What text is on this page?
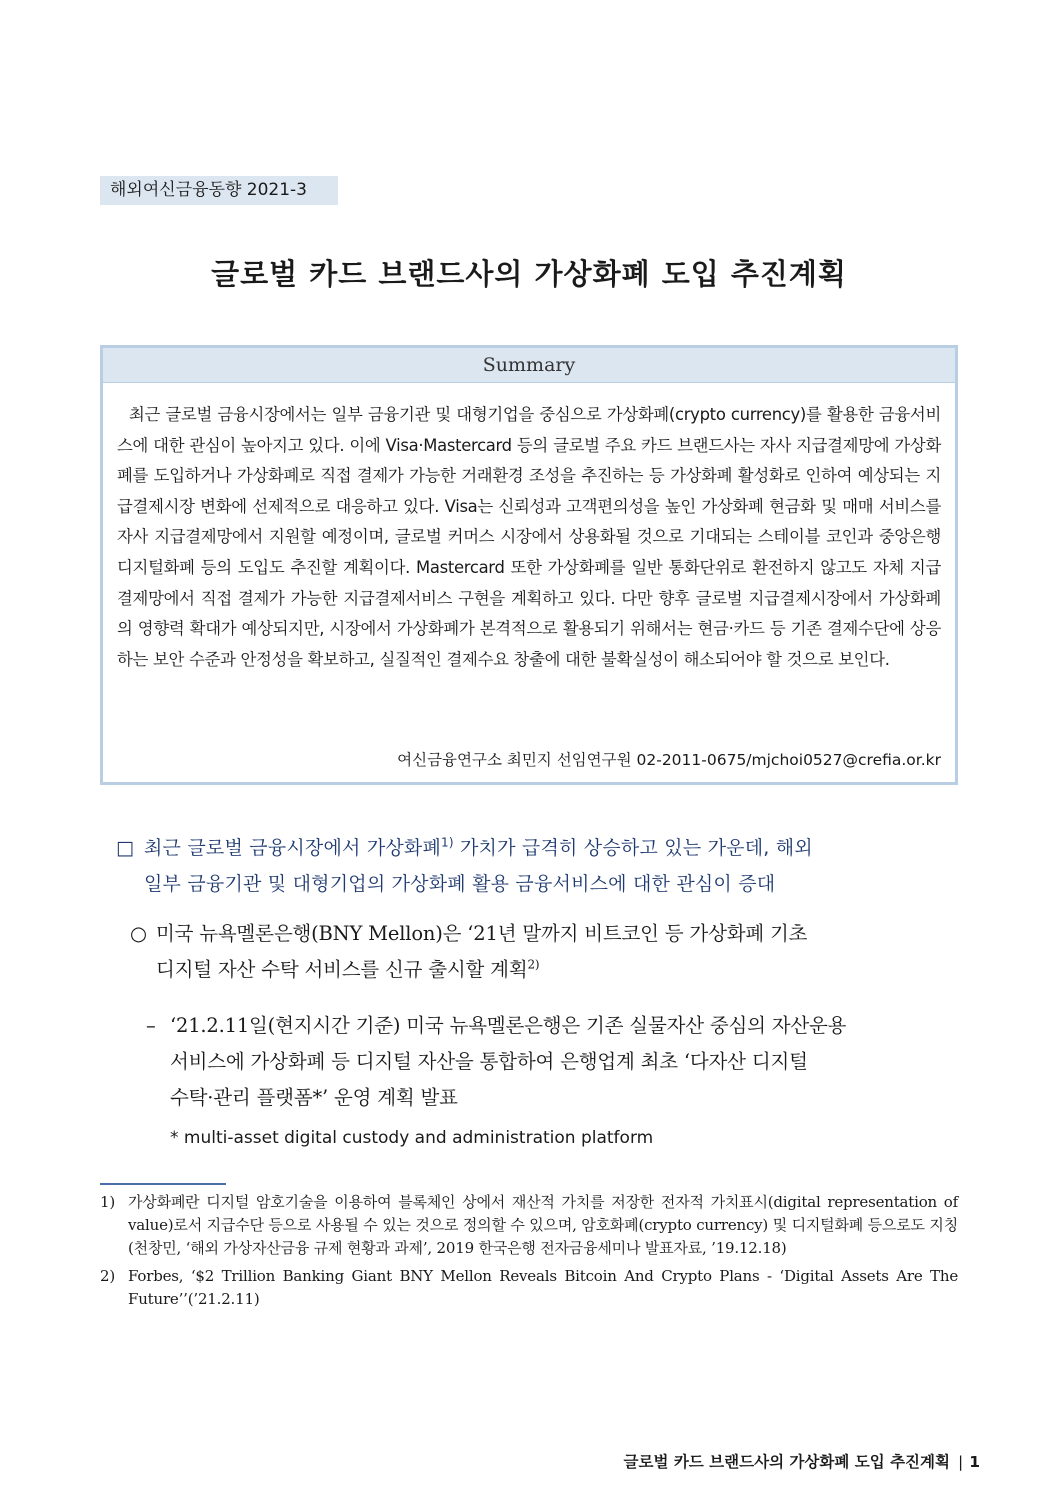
해외여신금융동향 2021-3
글로벌 카드 브랜드사의 가상화폐 도입 추진계획
Summary
최근 글로벌 금융시장에서는 일부 금융기관 및 대형기업을 중심으로 가상화폐(crypto currency)를 활용한 금융서비스에 대한 관심이 높아지고 있다. 이에 Visa·Mastercard 등의 글로벌 주요 카드 브랜드사는 자사 지급결제망에 가상화폐를 도입하거나 가상화폐로 직접 결제가 가능한 거래환경 조성을 추진하는 등 가상화폐 활성화로 인하여 예상되는 지급결제시장 변화에 선제적으로 대응하고 있다. Visa는 신뢰성과 고객편의성을 높인 가상화폐 현금화 및 매매 서비스를 자사 지급결제망에서 지원할 예정이며, 글로벌 커머스 시장에서 상용화될 것으로 기대되는 스테이블 코인과 중앙은행 디지털화폐 등의 도입도 추진할 계획이다. Mastercard 또한 가상화폐를 일반 통화단위로 환전하지 않고도 자체 지급결제망에서 직접 결제가 가능한 지급결제서비스 구현을 계획하고 있다. 다만 향후 글로벌 지급결제시장에서 가상화폐의 영향력 확대가 예상되지만, 시장에서 가상화폐가 본격적으로 활용되기 위해서는 현금·카드 등 기존 결제수단에 상응하는 보안 수준과 안정성을 확보하고, 실질적인 결제수요 창출에 대한 불확실성이 해소되어야 할 것으로 보인다.
여신금융연구소 최민지 선임연구원 02-2011-0675/mjchoi0527@crefia.or.kr
□ 최근 글로벌 금융시장에서 가상화폐$^{1)}$ 가치가 급격히 상승하고 있는 가운데, 해외
일부 금융기관 및 대형기업의 가상화폐 활용 금융서비스에 대한 관심이 증대
○ 미국 뉴욕멜론은행(BNY Mellon)은 ‘21년 말까지 비트코인 등 가상화폐 기초
디지털 자산 수탁 서비스를 신규 출시할 계획$^{2)}$
– ‘21.2.11일(현지시간 기준) 미국 뉴욕멜론은행은 기존 실물자산 중심의 자산운용
서비스에 가상화폐 등 디지털 자산을 통합하여 은행업계 최초 ‘다자산 디지털
수탁·관리 플랫폼*’ 운영 계획 발표
* multi-asset digital custody and administration platform
1) 가상화폐란 디지털 암호기술을 이용하여 블록체인 상에서 재산적 가치를 저장한 전자적 가치표시(digital representation of value)로서 지급수단 등으로 사용될 수 있는 것으로 정의할 수 있으며, 암호화폐(crypto currency) 및 디지털화폐 등으로도 지칭(천창민, ‘해외 가상자산금융 규제 현황과 과제’, 2019 한국은행 전자금융세미나 발표자료, ’19.12.18)
2) Forbes, ‘$2 Trillion Banking Giant BNY Mellon Reveals Bitcoin And Crypto Plans - ‘Digital Assets Are The Future’’(’21.2.11)
글로벌 카드 브랜드사의 가상화폐 도입 추진계획 | 1
